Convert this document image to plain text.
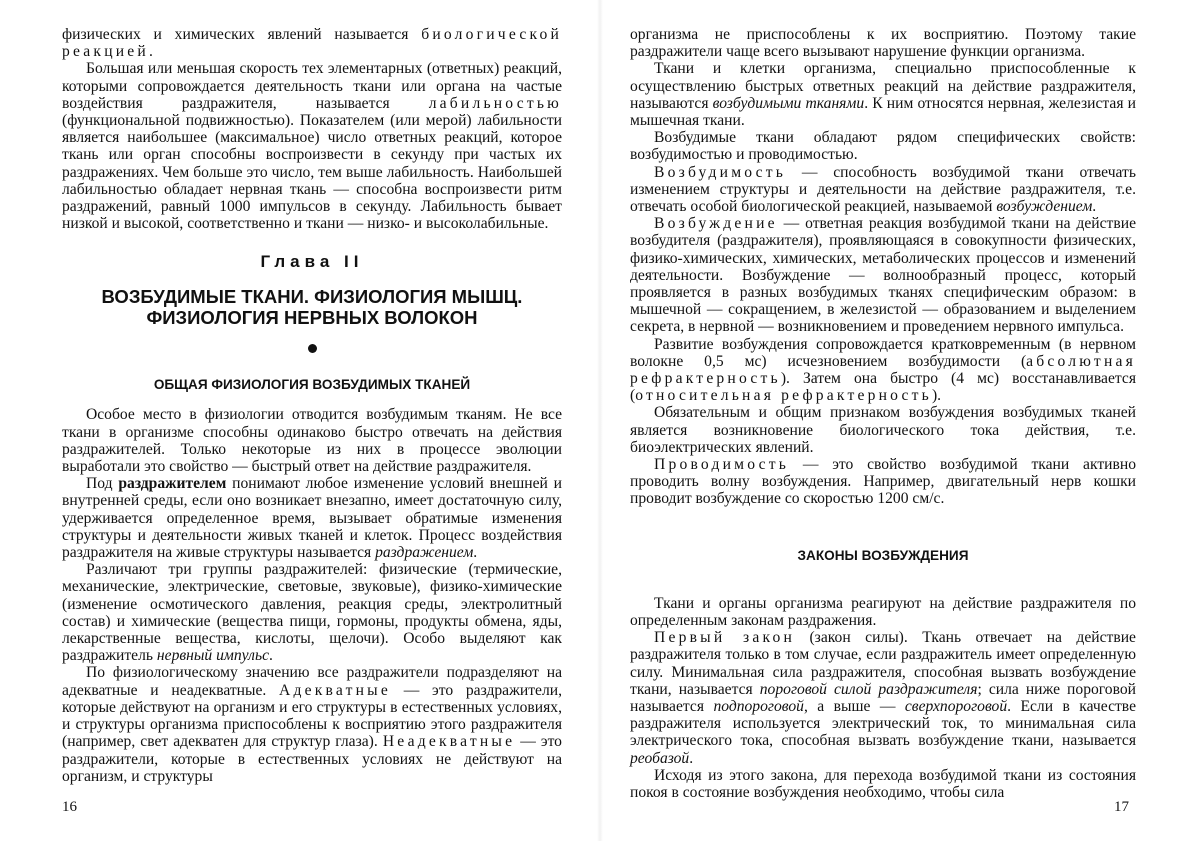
физических и химических явлений называется биологической реакцией.

Большая или меньшая скорость тех элементарных (ответных) реакций, которыми сопровождается деятельность ткани или органа на частые воздействия раздражителя, называется лабильностью (функциональной подвижностью). Показателем (или мерой) лабильности является наибольшее (максимальное) число ответных реакций, которое ткань или орган способны воспроизвести в секунду при частых их раздражениях. Чем больше это число, тем выше лабильность. Наибольшей лабильностью обладает нервная ткань — способна воспроизвести ритм раздражений, равный 1000 импульсов в секунду. Лабильность бывает низкой и высокой, соответственно и ткани — низко- и высоколабильные.

Глава II
ВОЗБУДИМЫЕ ТКАНИ. ФИЗИОЛОГИЯ МЫШЦ.
ФИЗИОЛОГИЯ НЕРВНЫХ ВОЛОКОН
ОБЩАЯ ФИЗИОЛОГИЯ ВОЗБУДИМЫХ ТКАНЕЙ

Особое место в физиологии отводится возбудимым тканям. Не все ткани в организме способны одинаково быстро отвечать на действия раздражителей. Только некоторые из них в процессе эволюции выработали это свойство — быстрый ответ на действие раздражителя.

Под раздражителем понимают любое изменение условий внешней и внутренней среды, если оно возникает внезапно, имеет достаточную силу, удерживается определенное время, вызывает обратимые изменения структуры и деятельности живых тканей и клеток. Процесс воздействия раздражителя на живые структуры называется раздражением.

Различают три группы раздражителей: физические (термические, механические, электрические, световые, звуковые), физико-химические (изменение осмотического давления, реакция среды, электролитный состав) и химические (вещества пищи, гормоны, продукты обмена, яды, лекарственные вещества, кислоты, щелочи). Особо выделяют как раздражитель нервный импульс.

По физиологическому значению все раздражители подразделяют на адекватные и неадекватные. Адекватные — это раздражители, которые действуют на организм и его структуры в естественных условиях, и структуры организма приспособлены к восприятию этого раздражителя (например, свет адекватен для структур глаза). Неадекватные — это раздражители, которые в естественных условиях не действуют на организм, и структуры

16

организма не приспособлены к их восприятию. Поэтому такие раздражители чаще всего вызывают нарушение функции организма.

Ткани и клетки организма, специально приспособленные к осуществлению быстрых ответных реакций на действие раздражителя, называются возбудимыми тканями. К ним относятся нервная, железистая и мышечная ткани.

Возбудимые ткани обладают рядом специфических свойств: возбудимостью и проводимостью.

Возбудимость — способность возбудимой ткани отвечать изменением структуры и деятельности на действие раздражителя, т.е. отвечать особой биологической реакцией, называемой возбуждением.

Возбуждение — ответная реакция возбудимой ткани на действие возбудителя (раздражителя), проявляющаяся в совокупности физических, физико-химических, химических, метаболических процессов и изменений деятельности. Возбуждение — волнообразный процесс, который проявляется в разных возбудимых тканях специфическим образом: в мышечной — сокращением, в железистой — образованием и выделением секрета, в нервной — возникновением и проведением нервного импульса.

Развитие возбуждения сопровождается кратковременным (в нервном волокне 0,5 мс) исчезновением возбудимости (абсолютная рефрактерность). Затем она быстро (4 мс) восстанавливается (относительная рефрактерность).

Обязательным и общим признаком возбуждения возбудимых тканей является возникновение биологического тока действия, т.е. биоэлектрических явлений.

Проводимость — это свойство возбудимой ткани активно проводить волну возбуждения. Например, двигательный нерв кошки проводит возбуждение со скоростью 1200 см/с.

ЗАКОНЫ ВОЗБУЖДЕНИЯ

Ткани и органы организма реагируют на действие раздражителя по определенным законам раздражения.

Первый закон (закон силы). Ткань отвечает на действие раздражителя только в том случае, если раздражитель имеет определенную силу. Минимальная сила раздражителя, способная вызвать возбуждение ткани, называется пороговой силой раздражителя; сила ниже пороговой называется подпороговой, а выше — сверхпороговой. Если в качестве раздражителя используется электрический ток, то минимальная сила электрического тока, способная вызвать возбуждение ткани, называется реобазой.

Исходя из этого закона, для перехода возбудимой ткани из состояния покоя в состояние возбуждения необходимо, чтобы сила

17
